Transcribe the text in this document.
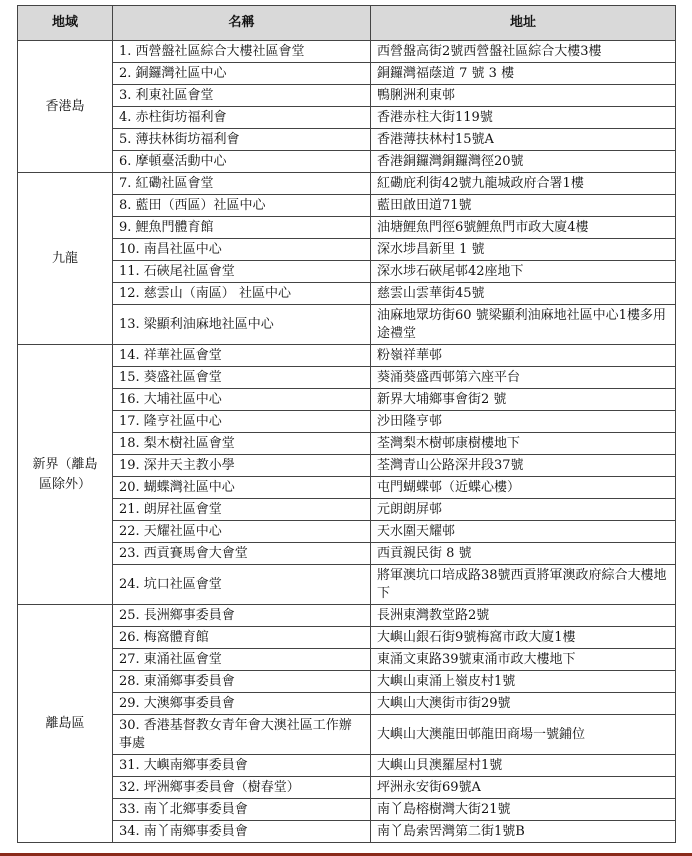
地域	名稱	地址
香港島	1. 西營盤社區綜合大樓社區會堂	西營盤高街2號西營盤社區綜合大樓3樓
	2. 銅鑼灣社區中心	銅鑼灣福蔭道 7 號 3 樓
	3. 利東社區會堂	鴨脷洲利東邨
	4. 赤柱街坊福利會	香港赤柱大街119號
	5. 薄扶林街坊福利會	香港薄扶林村15號A
	6. 摩頓臺活動中心	香港銅鑼灣銅鑼灣徑20號
九龍	7. 紅磡社區會堂	紅磡庇利街42號九龍城政府合署1樓
	8. 藍田（西區）社區中心	藍田啟田道71號
	9. 鯉魚門體育館	油塘鯉魚門徑6號鯉魚門市政大廈4樓
	10. 南昌社區中心	深水埗昌新里 1 號
	11. 石硤尾社區會堂	深水埗石硤尾邨42座地下
	12. 慈雲山（南區） 社區中心	慈雲山雲華街45號
	13. 梁顯利油麻地社區中心	油麻地眾坊街60 號梁顯利油麻地社區中心1樓多用途禮堂
新界（離島區除外）	14. 祥華社區會堂	粉嶺祥華邨
	15. 葵盛社區會堂	葵涌葵盛西邨第六座平台
	16. 大埔社區中心	新界大埔鄉事會街2 號
	17. 隆亨社區中心	沙田隆亨邨
	18. 梨木樹社區會堂	荃灣梨木樹邨康樹樓地下
	19. 深井天主教小學	荃灣青山公路深井段37號
	20. 蝴蝶灣社區中心	屯門蝴蝶邨（近蝶心樓）
	21. 朗屏社區會堂	元朗朗屏邨
	22. 天耀社區中心	天水圍天耀邨
	23. 西貢賽馬會大會堂	西貢親民街 8 號
	24. 坑口社區會堂	將軍澳坑口培成路38號西貢將軍澳政府綜合大樓地下
離島區	25. 長洲鄉事委員會	長洲東灣教堂路2號
	26. 梅窩體育館	大嶼山銀石街9號梅窩市政大廈1樓
	27. 東涌社區會堂	東涌文東路39號東涌市政大樓地下
	28. 東涌鄉事委員會	大嶼山東涌上嶺皮村1號
	29. 大澳鄉事委員會	大嶼山大澳街市街29號
	30. 香港基督教女青年會大澳社區工作辦事處	大嶼山大澳龍田邨龍田商場一號鋪位
	31. 大嶼南鄉事委員會	大嶼山貝澳羅屋村1號
	32. 坪洲鄉事委員會（樹春堂）	坪洲永安街69號A
	33. 南丫北鄉事委員會	南丫島榕樹灣大街21號
	34. 南丫南鄉事委員會	南丫島索罟灣第二街1號B
